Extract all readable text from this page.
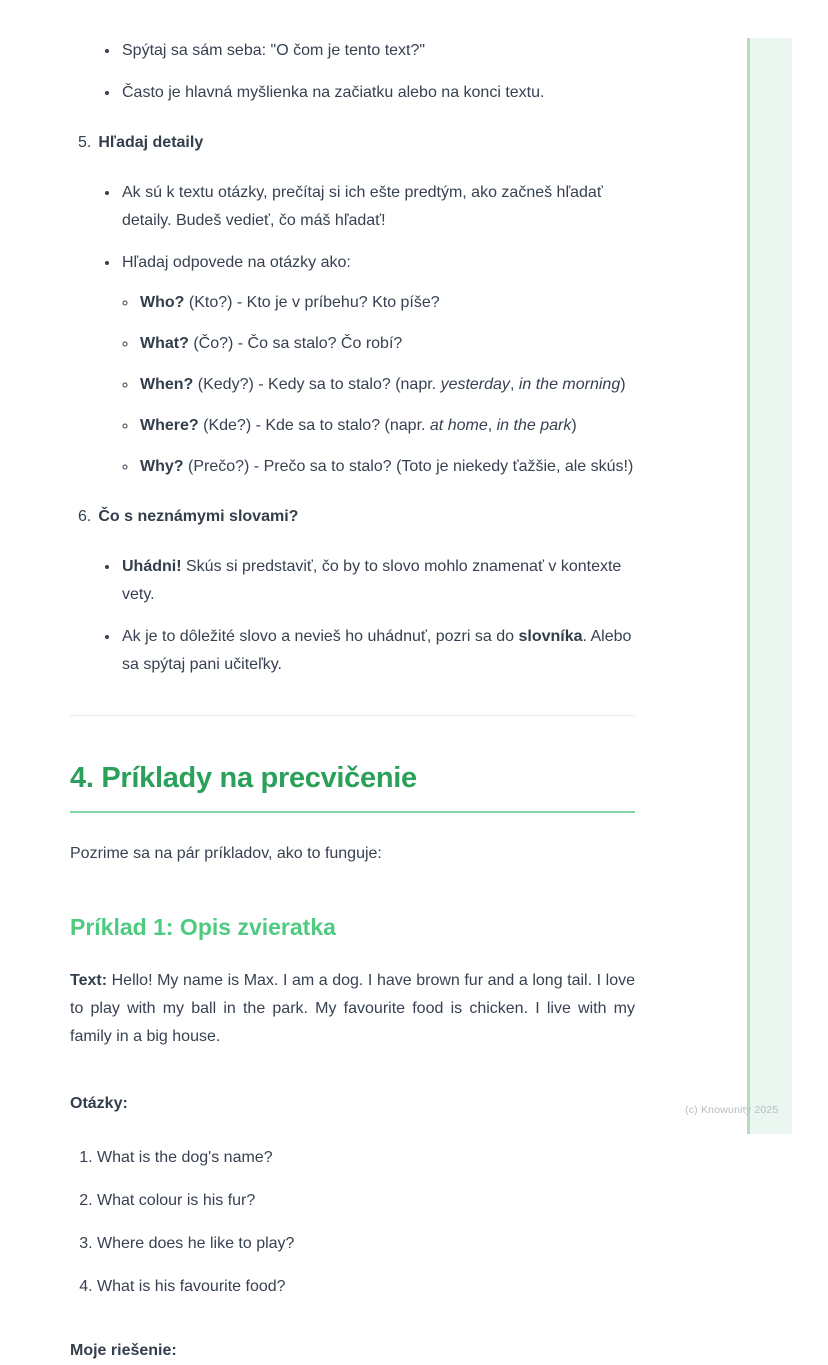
• Spýtaj sa sám seba: "O čom je tento text?"
• Často je hlavná myšlienka na začiatku alebo na konci textu.
5. Hľadaj detaily
• Ak sú k textu otázky, prečítaj si ich ešte predtým, ako začneš hľadať detaily. Budeš vedieť, čo máš hľadať!
• Hľadaj odpovede na otázky ako:
◦ Who? (Kto?) - Kto je v príbehu? Kto píše?
◦ What? (Čo?) - Čo sa stalo? Čo robí?
◦ When? (Kedy?) - Kedy sa to stalo? (napr. yesterday, in the morning)
◦ Where? (Kde?) - Kde sa to stalo? (napr. at home, in the park)
◦ Why? (Prečo?) - Prečo sa to stalo? (Toto je niekedy ťažšie, ale skús!)
6. Čo s neznámymi slovami?
• Uhádni! Skús si predstaviť, čo by to slovo mohlo znamenať v kontexte vety.
• Ak je to dôležité slovo a nevieš ho uhádnuť, pozri sa do slovníka. Alebo sa spýtaj pani učiteľky.
4. Príklady na precvičenie

Pozrime sa na pár príkladov, ako to funguje:

Príklad 1: Opis zvieratka

Text: Hello! My name is Max. I am a dog. I have brown fur and a long tail. I love to play with my ball in the park. My favourite food is chicken. I live with my family in a big house.

Otázky:

1. What is the dog's name?
2. What colour is his fur?
3. Where does he like to play?
4. What is his favourite food?

Moje riešenie:

(c) Knowunity 2025
